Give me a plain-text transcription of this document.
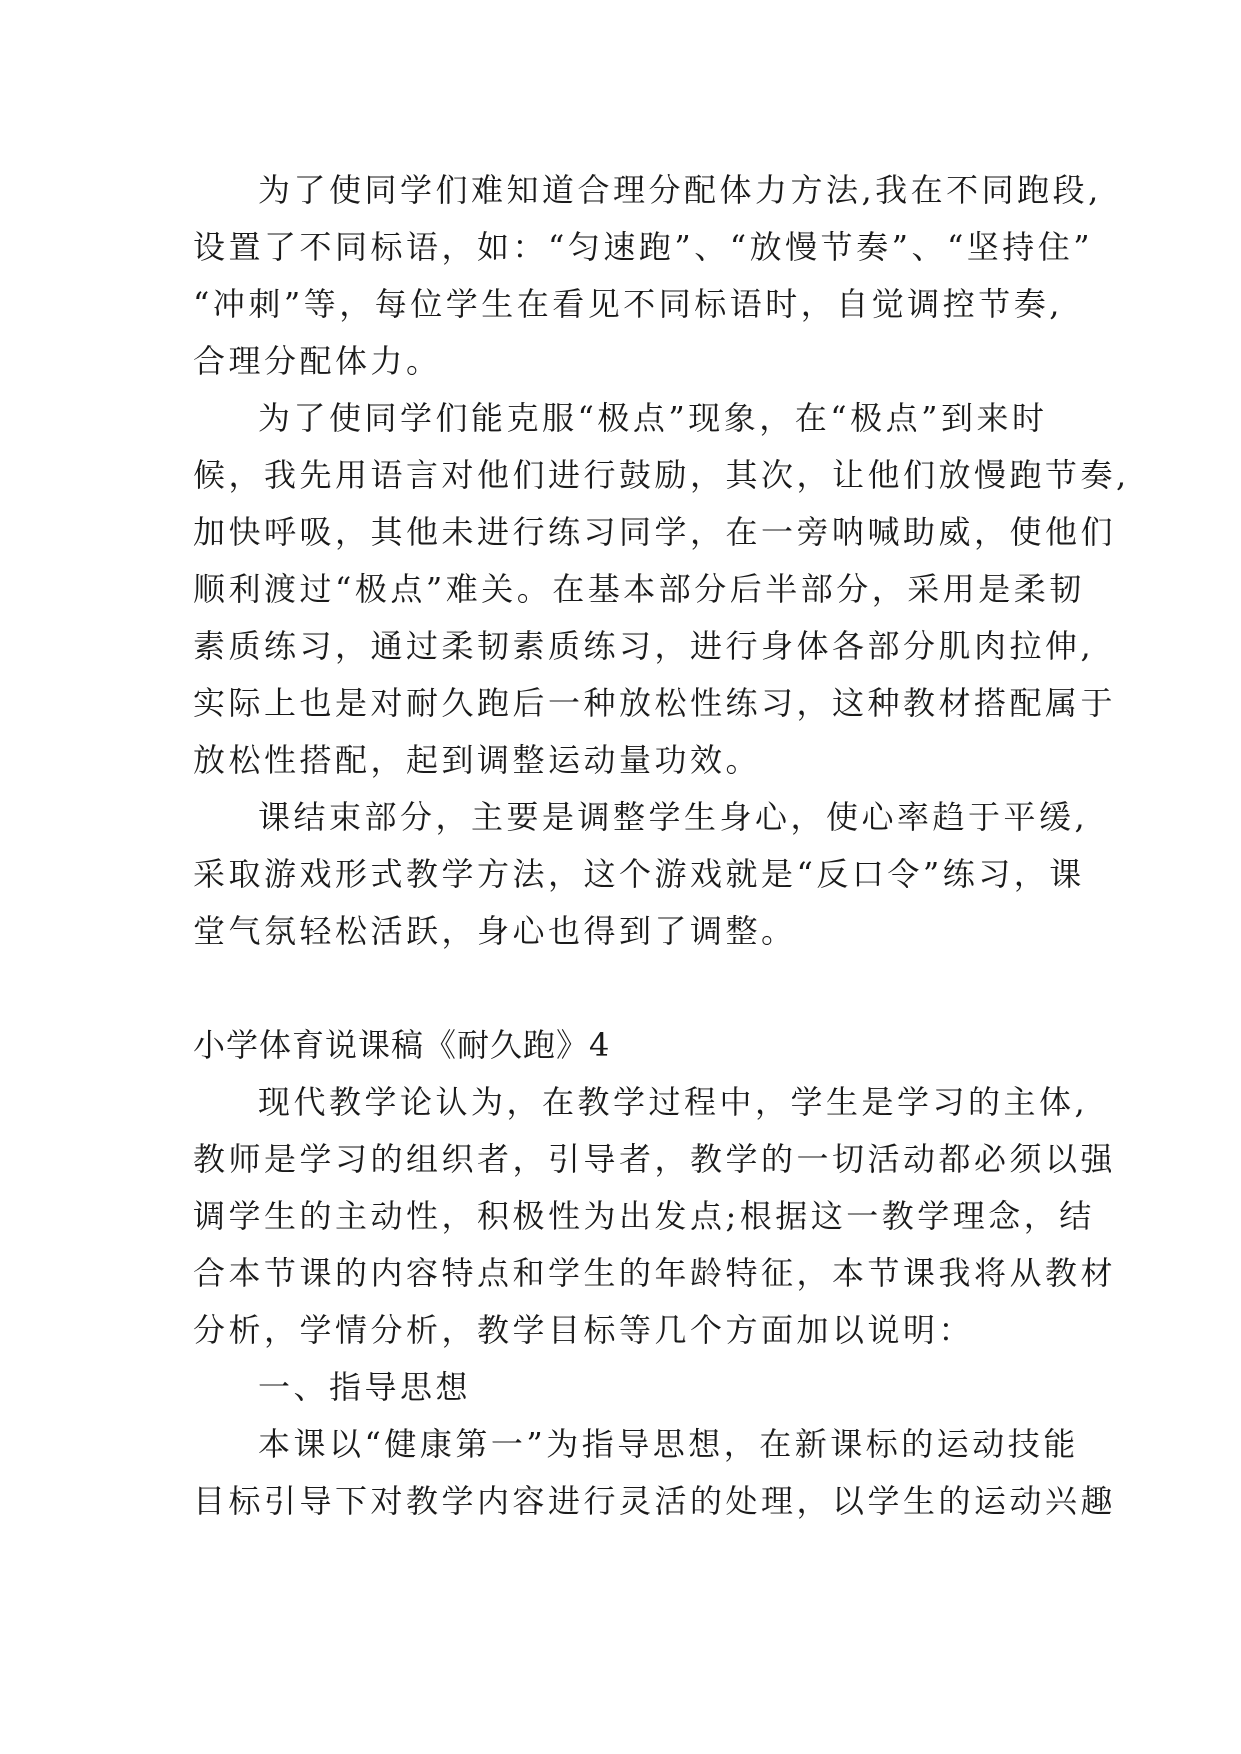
为了使同学们难知道合理分配体力方法,我在不同跑段,
设置了不同标语，如：“匀速跑”、“放慢节奏”、“坚持住”
“冲刺”等，每位学生在看见不同标语时，自觉调控节奏,
合理分配体力。
为了使同学们能克服“极点”现象，在“极点”到来时
候，我先用语言对他们进行鼓励，其次，让他们放慢跑节奏,
加快呼吸，其他未进行练习同学，在一旁呐喊助威，使他们
顺利渡过“极点”难关。在基本部分后半部分，采用是柔韧
素质练习，通过柔韧素质练习，进行身体各部分肌肉拉伸,
实际上也是对耐久跑后一种放松性练习，这种教材搭配属于
放松性搭配，起到调整运动量功效。
课结束部分，主要是调整学生身心，使心率趋于平缓,
采取游戏形式教学方法，这个游戏就是“反口令”练习，课
堂气氛轻松活跃，身心也得到了调整。
小学体育说课稿《耐久跑》4
现代教学论认为，在教学过程中，学生是学习的主体,
教师是学习的组织者，引导者，教学的一切活动都必须以强
调学生的主动性，积极性为出发点;根据这一教学理念，结
合本节课的内容特点和学生的年龄特征，本节课我将从教材
分析，学情分析，教学目标等几个方面加以说明：
一、指导思想
本课以“健康第一”为指导思想，在新课标的运动技能
目标引导下对教学内容进行灵活的处理，以学生的运动兴趣
